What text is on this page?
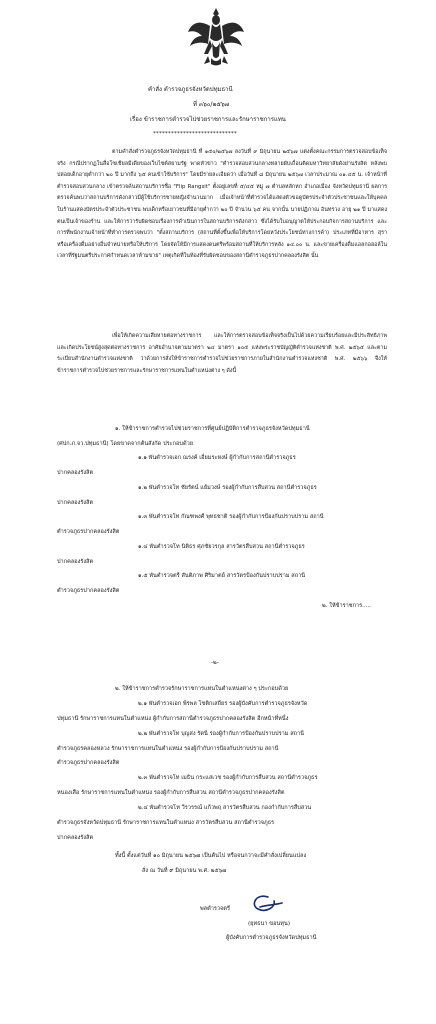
คำสั่ง ตำรวจภูธรจังหวัดปทุมธานี
ที่ ๓๖๐/๒๕๖๗
เรื่อง ข้าราชการตำรวจไปช่วยราชการและรักษาราชการแทน
****************************
ตามคำสั่งตำรวจภูธรจังหวัดปทุมธานี ที่ ๑๕๐/๒๕๖๗ ลงวันที่ ๙ มิถุนายน ๒๕๖๗ แต่งตั้งคณะกรรมการตรวจสอบข้อเท็จจริง กรณีปรากฏในสื่อโซเชียลมีเดียของเว็บไซต์สยามรัฐ พาดหัวข่าว "ตำรวจสอบสวนกลางทลายผับเถื่อนติดมหาวิทยาลัยดังย่านรังสิต หลังพบปล่อยเด็กอายุต่ำกว่า ๒๐ ปี มากถึง ๖๕ คนเข้าใช้บริการ" โดยมีรายละเอียดว่า เมื่อวันที่ ๘ มิถุนายน ๒๕๖๗ เวลาประมาณ ๐๑.๔๕ น. เจ้าหน้าที่ตำรวจสอบสวนกลาง เข้าตรวจค้นสถานบริการชื่อ "Flip Rangsit" ตั้งอยู่เลขที่ ๕/๔๕ หมู่ ๗ ตำบลหลักหก อำเภอเมือง จังหวัดปทุมธานี ผลการตรวจค้นพบว่าสถานบริการดังกล่าวมีผู้ใช้บริการชายหญิงจำนวนมาก เมื่อเจ้าหน้าที่ตำรวจได้แสดงตัวขอดูบัตรประจำตัวประชาชนและให้บุคคลในร้านแสดงบัตรประจำตัวประชาชน พบเด็กหรือเยาวชนที่มีอายุต่ำกว่า ๒๐ ปี จำนวน ๖๕ คน จากนั้น นายปฏิภาณ อินทรวง อายุ ๒๑ ปี มาแสดงตนเป็นเจ้าของร้าน และให้การว่ารับผิดชอบเรื่องการดำเนินการในสถานบริการดังกล่าว ซึ่งได้รับใบอนุญาตให้ประกอบกิจการสถานบริการ และการที่พนักงานเจ้าหน้าที่ทำการตรวจพบว่า "ตั้งสถานบริการ (สถานที่ตั้งขึ้นเพื่อให้บริการโดยหวังประโยชน์ทางการค้า) ประเภทที่มีอาหาร สุราหรือเครื่องดื่มอย่างอื่นจำหน่ายหรือให้บริการ โดยจัดให้มีการแสดงดนตรีพร้อมสถานที่ให้บริการหลัง ๑๔.๐๐ น. และขายเครื่องดื่มแอลกอฮอล์ในเวลาที่รัฐมนตรีประกาศกำหนดเวลาห้ามขาย" เหตุเกิดที่ในท้องที่รับผิดชอบของสถานีตำรวจภูธรปากคลองรังสิต นั้น
เพื่อให้เกิดความเสียหายต่อทางราชการ และให้การตรวจสอบข้อเท็จจริงเป็นไปด้วยความเรียบร้อยและมีประสิทธิภาพ และเกิดประโยชน์สูงสุดต่อทางราชการ อาศัยอำนาจตามมาตรา ๒๔ มาตรา ๑๐๕ แห่งพระราชบัญญัติตำรวจแห่งชาติ พ.ศ. ๒๕๖๕ และตามระเบียบสำนักงานตำรวจแห่งชาติ ว่าด้วยการสั่งให้ข้าราชการตำรวจไปช่วยราชการภายในสำนักงานตำรวจแห่งชาติ พ.ศ. ๒๕๖๖ จึงให้ข้าราชการตำรวจไปช่วยราชการและรักษาราชการแทนในตำแหน่งต่าง ๆ ดังนี้
๑. ให้ข้าราชการตำรวจไปช่วยราชการที่ศูนย์ปฏิบัติการตำรวจภูธรจังหวัดปทุมธานี
(ศปก.ภ.จว.ปทุมธานี) โดยขาดจากต้นสังกัด ประกอบด้วย
๑.๑ พันตำรวจเอก ณรงค์ เอี่ยมระหงษ์ ผู้กำกับการสถานีตำรวจภูธร
ปากคลองรังสิต
๑.๒ พันตำรวจโท ชัยรัตน์ แย้มวงษ์ รองผู้กำกับการสืบสวน สถานีตำรวจภูธร
ปากคลองรังสิต
๑.๓ พันตำรวจโท กัณฑพงศ์ พุทธชาติ รองผู้กำกับการป้องกันปราบปราม สถานี
ตำรวจภูธรปากคลองรังสิต
๑.๔ พันตำรวจโท นิติธร ศุภชัยวรกุล สารวัตรสืบสวน สถานีตำรวจภูธร
ปากคลองรังสิต
๑.๕ พันตำรวจตรี สันติภาพ ศิริมาตย์ สารวัตรป้องกันปราบปราม สถานี
ตำรวจภูธรปากคลองรังสิต
๒. ให้ข้าราชการ.....
-๒-
๒. ให้ข้าราชการตำรวจรักษาราชการแทนในตำแหน่งต่าง ๆ ประกอบด้วย
๒.๑ พันตำรวจเอก พีรพล โชติกเสถียร รองผู้บังคับการตำรวจภูธรจังหวัด
ปทุมธานี รักษาราชการแทนในตำแหน่ง ผู้กำกับการสถานีตำรวจภูธรปากคลองรังสิต อีกหน้าที่หนึ่ง
๒.๒ พันตำรวจโท บุญส่ง รัตนี รองผู้กำกับการป้องกันปราบปราม สถานี
ตำรวจภูธรคลองหลวง รักษาราชการแทนในตำแหน่ง รองผู้กำกับการป้องกันปราบปราม สถานี
ตำรวจภูธรปากคลองรังสิต
๒.๓ พันตำรวจโท เมธิน กระแสเวช รองผู้กำกับการสืบสวน สถานีตำรวจภูธร
หนองเสือ รักษาราชการแทนในตำแหน่ง รองผู้กำกับการสืบสวน สถานีตำรวจภูธรปากคลองรังสิต
๒.๔ พันตำรวจโท วีรวรรณ์ แก้วพฤ สารวัตรสืบสวน กองกำกับการสืบสวน
ตำรวจภูธรจังหวัดปทุมธานี รักษาราชการแทนในตำแหน่ง สารวัตรสืบสวน สถานีตำรวจภูธร
ปากคลองรังสิต
ทั้งนี้ ตั้งแต่วันที่ ๑๐ มิถุนายน ๒๕๖๗ เป็นต้นไป หรือจนกว่าจะมีคำสั่งเปลี่ยนแปลง
สั่ง ณ วันที่ ๙ มิถุนายน พ.ศ. ๒๕๖๗
พลตำรวจตรี
(ยุทธนา ขอนทุน)
ผู้บังคับการตำรวจภูธรจังหวัดปทุมธานี
